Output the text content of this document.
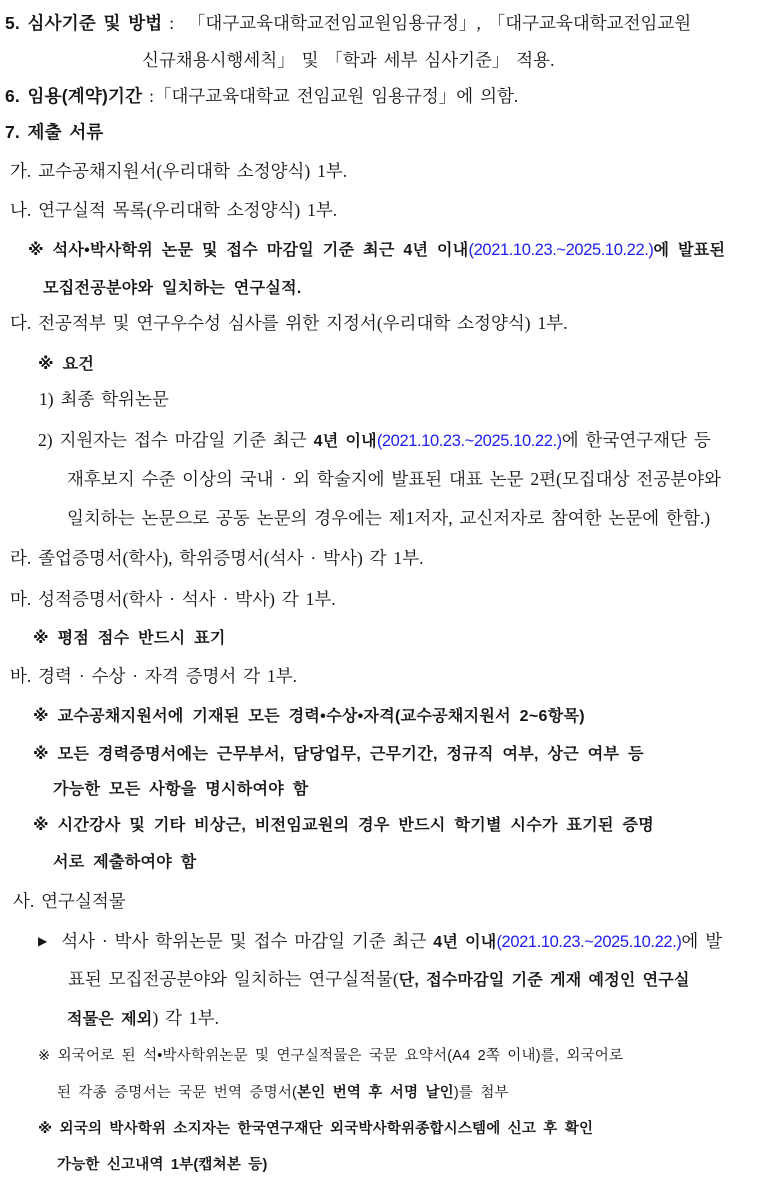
5. 심사기준 및 방법 :  「대구교육대학교전임교원임용규정」, 「대구교육대학교전임교원
신규채용시행세칙」 및 「학과 세부 심사기준」 적용.
6. 임용(계약)기간 :「대구교육대학교 전임교원 임용규정」에 의함.
7. 제출 서류
가. 교수공채지원서(우리대학 소정양식) 1부.
나. 연구실적 목록(우리대학 소정양식) 1부.
※ 석사•박사학위 논문 및 접수 마감일 기준 최근 4년 이내(2021.10.23.~2025.10.22.)에 발표된
모집전공분야와 일치하는 연구실적.
다. 전공적부 및 연구우수성 심사를 위한 지정서(우리대학 소정양식) 1부.
※ 요건
1) 최종 학위논문
2) 지원자는 접수 마감일 기준 최근 4년 이내(2021.10.23.~2025.10.22.)에 한국연구재단 등
재후보지 수준 이상의 국내 · 외 학술지에 발표된 대표 논문 2편(모집대상 전공분야와
일치하는 논문으로 공동 논문의 경우에는 제1저자, 교신저자로 참여한 논문에 한함.)
라. 졸업증명서(학사), 학위증명서(석사 · 박사) 각 1부.
마. 성적증명서(학사 · 석사 · 박사) 각 1부.
※ 평점 점수 반드시 표기
바. 경력 · 수상 · 자격 증명서 각 1부.
※ 교수공채지원서에 기재된 모든 경력•수상•자격(교수공채지원서 2~6항목)
※ 모든 경력증명서에는 근무부서, 담당업무, 근무기간, 정규직 여부, 상근 여부 등
가능한 모든 사항을 명시하여야 함
※ 시간강사 및 기타 비상근, 비전임교원의 경우 반드시 학기별 시수가 표기된 증명
서로 제출하여야 함
사. 연구실적물
▶ 석사 · 박사 학위논문 및 접수 마감일 기준 최근 4년 이내(2021.10.23.~2025.10.22.)에 발
표된 모집전공분야와 일치하는 연구실적물(단, 접수마감일 기준 게재 예정인 연구실
적물은 제외) 각 1부.
※ 외국어로 된 석•박사학위논문 및 연구실적물은 국문 요약서(A4 2쪽 이내)를, 외국어로
된 각종 증명서는 국문 번역 증명서(본인 번역 후 서명 날인)를 첨부
※ 외국의 박사학위 소지자는 한국연구재단 외국박사학위종합시스템에 신고 후 확인
가능한 신고내역 1부(캡쳐본 등)
